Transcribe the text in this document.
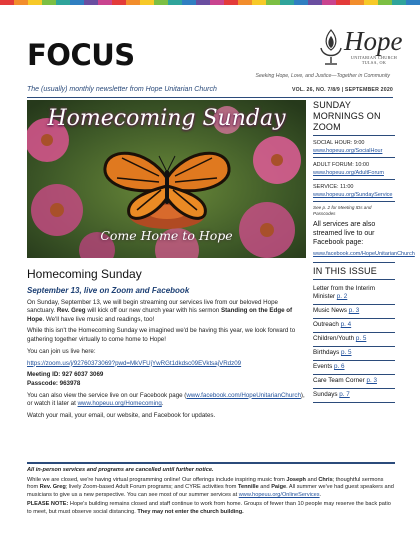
FOCUS	Hope
UNITARIAN CHURCH TULSA, OK
Seeking Hope, Love, and Justice—Together in Community
The (usually) monthly newsletter from Hope Unitarian Church	VOL. 26, NO. 7/8/9 | SEPTEMBER 2020
Homecoming Sunday
Come Home to Hope
Homecoming Sunday
September 13, live on Zoom and Facebook

On Sunday, September 13, we will begin streaming our services live from our beloved Hope sanctuary. Rev. Greg will kick off our new church year with his sermon Standing on the Edge of Hope. We'll have live music and readings, too!

While this isn't the Homecoming Sunday we imagined we'd be having this year, we look forward to gathering together virtually to come home to Hope!

You can join us live here:

https://zoom.us/j/92760373069?pwd=MkVFUjYwRGt1dkdsc09EVktsajVRdz09

Meeting ID: 927 6037 3069

Passcode: 963978

You can also view the service live on our Facebook page (www.facebook.com/HopeUnitarianChurch), or watch it later at www.hopeuu.org/Homecoming.

Watch your mail, your email, our website, and Facebook for updates.

SUNDAY MORNINGS ON ZOOM
SOCIAL HOUR: 9:00
www.hopeuu.org/SocialHour
ADULT FORUM: 10:00
www.hopeuu.org/AdultForum
SERVICE: 11:00
www.hopeuu.org/SundayService
See p. 2 for Meeting IDs and Passcodes
All services are also streamed live to our Facebook page:
www.facebook.com/HopeUnitarianChurch
IN THIS ISSUE
Letter from the Interim Minister p. 2
Music News p. 3
Outreach p. 4
Children/Youth p. 5
Birthdays p. 5
Events p. 6
Care Team Corner p. 3
Sundays p. 7
All in-person services and programs are cancelled until further notice.

While we are closed, we're having virtual programming online! Our offerings include inspiring music from Joseph and Chris; thoughtful sermons from Rev. Greg; lively Zoom-based Adult Forum programs; and CYRE activities from Tennille and Paige. All summer we've had guest speakers and musicians to give us a new perspective. You can see most of our summer services at www.hopeuu.org/OnlineServices.

PLEASE NOTE: Hope's building remains closed and staff continue to work from home. Groups of fewer than 10 people may reserve the back patio to meet, but must observe social distancing. They may not enter the church building.
